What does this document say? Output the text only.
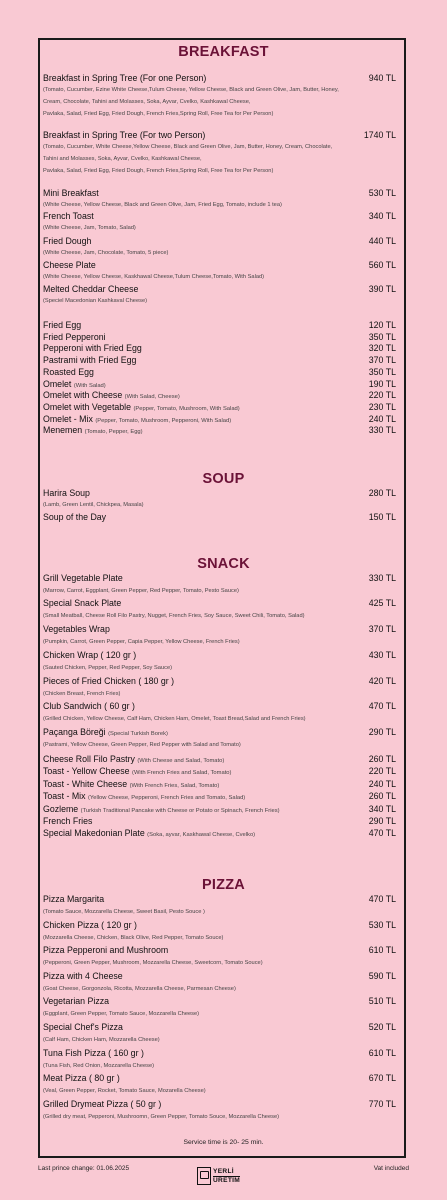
BREAKFAST
Breakfast in Spring Tree (For one Person)	940 TL
(Tomato, Cucumber, Ezine White Cheese,Tulum Cheese, Yellow Cheese, Black and Green Olive, Jam, Butter, Honey,
Cream, Chocolate, Tahini and Molasses, Soka, Ayvar, Cvelko, Kashkawal Cheese,
Pavlaka, Salad, Fried Egg, Fried Dough, French Fries,Spring Roll, Free Tea for Per Person)
Breakfast in Spring Tree (For two Person)	1740 TL
(Tomato, Cucumber, White Cheese,Yellow Cheese, Black and Green Olive, Jam, Butter, Honey, Cream, Chocolate,
Tahini and Molasses, Soka, Ayvar, Cvelko, Kashkawal Cheese,
Pavlaka, Salad, Fried Egg, Fried Dough, French Fries,Spring Roll, Free Tea for Per Person)
Mini Breakfast	530 TL
(White Cheese, Yellow Cheese, Black and Green Olive, Jam, Fried Egg, Tomato, include 1 tea)
French Toast	340 TL
(White Cheese, Jam, Tomato, Salad)
Fried Dough	440 TL
(White Cheese, Jam, Chocolate, Tomato, 5 piece)
Cheese Plate	560 TL
(White Cheese, Yellow Cheese, Kaskhawal Cheese,Tulum Cheese,Tomato, With Salad)
Melted Cheddar Cheese	390 TL
(Speciel Macedonian Kashkaval Cheese)
Fried Egg	120 TL
Fried Pepperoni	350 TL
Pepperoni with Fried Egg	320 TL
Pastrami with Fried Egg	370 TL
Roasted Egg	350 TL
Omelet (With Salad)	190 TL
Omelet with Cheese (With Salad, Cheese)	220 TL
Omelet with Vegetable (Pepper, Tomato, Mushroom, With Salad)	230 TL
Omelet - Mix (Pepper, Tomato, Mushroom, Pepperoni, With Salad)	240 TL
Menemen (Tomato, Pepper, Egg)	330 TL
SOUP
Harira Soup	280 TL
(Lamb, Green Lentil, Chickpea, Masala)
Soup of the Day	150 TL
SNACK
Grill Vegetable Plate	330 TL
(Marrow, Carrot, Eggplant, Green Pepper, Red Pepper, Tomato, Pesto Sauce)
Special Snack Plate	425 TL
(Small Meatball, Cheese Roll Filo Pastry, Nugget, French Fries, Soy Sauce, Sweet Chili, Tomato, Salad)
Vegetables Wrap	370 TL
(Pumpkin, Carrot, Green Pepper, Capia Pepper, Yellow Cheese, French Fries)
Chicken Wrap ( 120 gr )	430 TL
(Sauted Chicken, Pepper, Red Pepper, Soy Sauce)
Pieces of Fried Chicken ( 180 gr )	420 TL
(Chicken Breast, French Fries)
Club Sandwich ( 60 gr )	470 TL
(Grilled Chicken, Yellow Cheese, Calf Ham, Chicken Ham, Omelet, Toast Bread,Salad and French Fries)
Paçanga Böreği (Special Turkish Borek)	290 TL
(Pastrami, Yellow Cheese, Green Pepper, Red Pepper with Salad and Tomato)
Cheese Roll Filo Pastry (With Cheese and Salad, Tomato)	260 TL
Toast - Yellow Cheese (With French Fries and Salad, Tomato)	220 TL
Toast - White Cheese (With French Fries, Salad, Tomato)	240 TL
Toast - Mix (Yellow Cheese, Pepperoni, French Fries and Tomato, Salad)	260 TL
Gozleme (Turkish Traditional Pancake with Cheese or Potato or Spinach, French Fries)	340 TL
French Fries	290 TL
Special Makedonian Plate (Soka, ayvar, Kaskhawal Cheese, Cvelko)	470 TL
PIZZA
Pizza Margarita	470 TL
(Tomato Sauce, Mozzarella Cheese, Sweet Basil, Pesto Souce )
Chicken Pizza ( 120 gr )	530 TL
(Mozzarella Cheese, Chicken, Black Olive, Red Pepper, Tomato Souce)
Pizza Pepperoni and Mushroom	610 TL
(Pepperoni, Green Pepper, Mushroom, Mozzarella Cheese, Sweetcorn, Tomato Souce)
Pizza with 4 Cheese	590 TL
(Goat Cheese, Gorgonzola, Ricotta, Mozzarella Cheese, Parmesan Cheese)
Vegetarian Pizza	510 TL
(Eggplant, Green Pepper, Tomato Sauce, Mozzarella Cheese)
Special Chef's Pizza	520 TL
(Calf Ham, Chicken Ham, Mozzarella Cheese)
Tuna Fish Pizza ( 160 gr )	610 TL
(Tuna Fish, Red Onion, Mozzarella Cheese)
Meat Pizza ( 80 gr )	670 TL
(Veal, Green Pepper, Rocket, Tomato Sauce, Mozarella Cheese)
Grilled Drymeat Pizza ( 50 gr )	770 TL
(Grilled dry meat, Pepperoni, Mushroomn, Green Pepper, Tomato Souce, Mozzarella Cheese)
Service time is 20- 25 min.
Last prince change: 01.06.2025	Vat included
YERLİ
ÜRETİM
